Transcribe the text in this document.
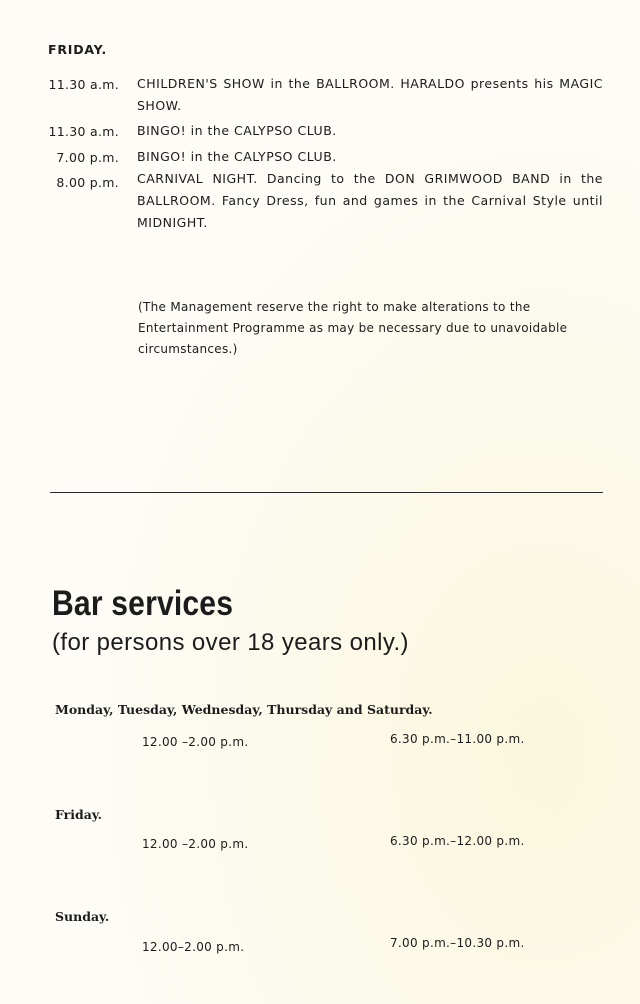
FRIDAY.
11.30 a.m. CHILDREN'S SHOW in the BALLROOM. HARALDO presents his MAGIC SHOW.
11.30 a.m. BINGO! in the CALYPSO CLUB.
7.00 p.m. BINGO! in the CALYPSO CLUB.
8.00 p.m. CARNIVAL NIGHT. Dancing to the DON GRIMWOOD BAND in the BALLROOM. Fancy Dress, fun and games in the Carnival Style until MIDNIGHT.
(The Management reserve the right to make alterations to the Entertainment Programme as may be necessary due to unavoidable circumstances.)
Bar services
(for persons over 18 years only.)
Monday, Tuesday, Wednesday, Thursday and Saturday.
12.00 –2.00 p.m.	6.30 p.m.–11.00 p.m.
Friday.
12.00 –2.00 p.m.	6.30 p.m.–12.00 p.m.
Sunday.
12.00–2.00 p.m.	7.00 p.m.–10.30 p.m.
